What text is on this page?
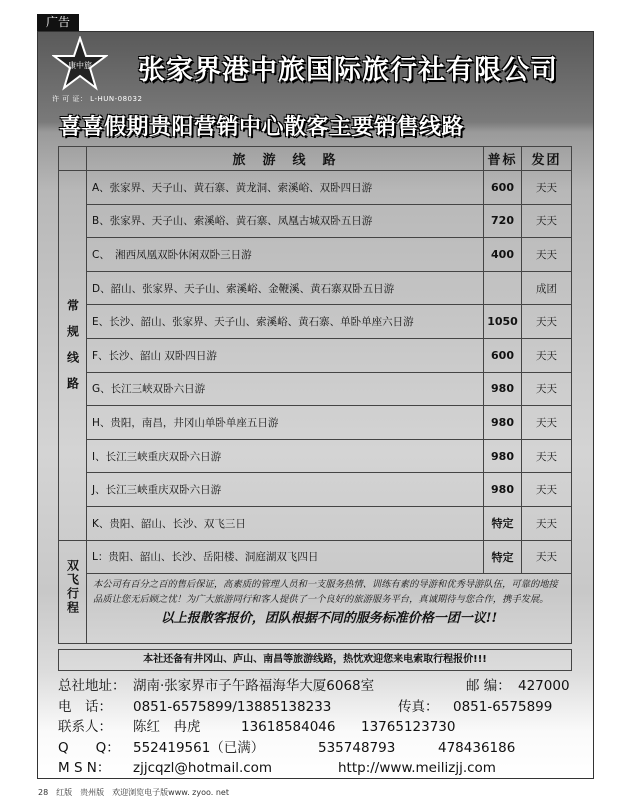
广告
康中旅
许 可 证： L-HUN-08032
张家界港中旅国际旅行社有限公司
喜喜假期贵阳营销中心散客主要销售线路
	旅　游　线　路	普标	发团
常规线路	A、张家界、天子山、黄石寨、黄龙洞、索溪峪、双卧四日游	600	天天
	B、张家界、天子山、索溪峪、黄石寨、凤凰古城双卧五日游	720	天天
	C、　湘西凤凰双卧休闲双卧三日游	400	天天
	D、韶山、张家界、天子山、索溪峪、金鞭溪、黄石寨双卧五日游		成团
	E、长沙、韶山、张家界、天子山、索溪峪、黄石寨、单卧单座六日游	1050	天天
	F、长沙、韶山 双卧四日游	600	天天
	G、长江三峡双卧六日游	980	天天
	H、贵阳，南昌，井冈山单卧单座五日游	980	天天
	I、长江三峡重庆双卧六日游	980	天天
	J、长江三峡重庆双卧六日游	980	天天
	K、贵阳、韶山、长沙、双飞三日	特定	天天
双飞行程	L：贵阳、韶山、长沙、岳阳楼、洞庭湖双飞四日	特定	天天
	本公司有百分之百的售后保证，高素质的管理人员和一支服务热情、训练有素的导游和优秀导游队伍，可靠的地接品质让您无后顾之忧！为广大旅游同行和客人提供了一个良好的旅游服务平台，真诚期待与您合作，携手发展。
以上报散客报价，团队根据不同的服务标准价格一团一议!!		
本社还备有井冈山、庐山、南昌等旅游线路，热忱欢迎您来电索取行程报价!!!
总社地址： 湖南·张家界市子午路福海华大厦6068室	邮 编： 427000
电　话： 0851-6575899/13885138233	传真： 0851-6575899
联系人： 陈红　冉虎	13618584046 13765123730
Q　　Q： 552419561（已满）	535748793	478436186
M S N： zjjcqzl@hotmail.com	http://www.meilizjj.com
28　红版　贵州版　欢迎浏览电子版www. zyoo. net
